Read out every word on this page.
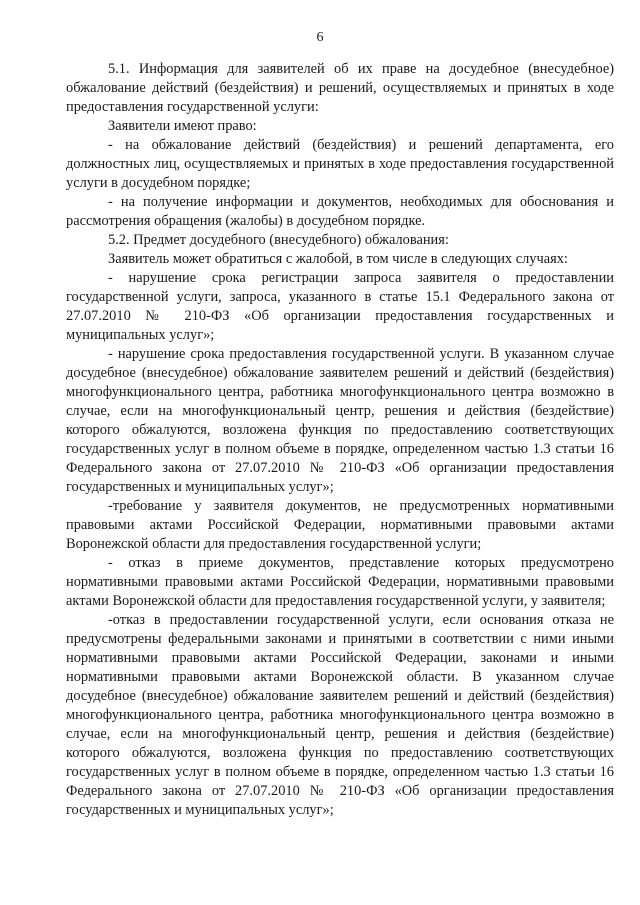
6

5.1. Информация для заявителей об их праве на досудебное (внесудебное) обжалование действий (бездействия) и решений, осуществляемых и принятых в ходе предоставления государственной услуги:

Заявители имеют право:

- на обжалование действий (бездействия) и решений департамента, его должностных лиц, осуществляемых и принятых в ходе предоставления государственной услуги в досудебном порядке;

- на получение информации и документов, необходимых для обоснования и рассмотрения обращения (жалобы) в досудебном порядке.

5.2. Предмет досудебного (внесудебного) обжалования:

Заявитель может обратиться с жалобой, в том числе в следующих случаях:

- нарушение срока регистрации запроса заявителя о предоставлении государственной услуги, запроса, указанного в статье 15.1 Федерального закона от 27.07.2010 № 210-ФЗ «Об организации предоставления государственных и муниципальных услуг»;

- нарушение срока предоставления государственной услуги. В указанном случае досудебное (внесудебное) обжалование заявителем решений и действий (бездействия) многофункционального центра, работника многофункционального центра возможно в случае, если на многофункциональный центр, решения и действия (бездействие) которого обжалуются, возложена функция по предоставлению соответствующих государственных услуг в полном объеме в порядке, определенном частью 1.3 статьи 16 Федерального закона от 27.07.2010 № 210-ФЗ «Об организации предоставления государственных и муниципальных услуг»;

-требование у заявителя документов, не предусмотренных нормативными правовыми актами Российской Федерации, нормативными правовыми актами Воронежской области для предоставления государственной услуги;

- отказ в приеме документов, представление которых предусмотрено нормативными правовыми актами Российской Федерации, нормативными правовыми актами Воронежской области для предоставления государственной услуги, у заявителя;

-отказ в предоставлении государственной услуги, если основания отказа не предусмотрены федеральными законами и принятыми в соответствии с ними иными нормативными правовыми актами Российской Федерации, законами и иными нормативными правовыми актами Воронежской области. В указанном случае досудебное (внесудебное) обжалование заявителем решений и действий (бездействия) многофункционального центра, работника многофункционального центра возможно в случае, если на многофункциональный центр, решения и действия (бездействие) которого обжалуются, возложена функция по предоставлению соответствующих государственных услуг в полном объеме в порядке, определенном частью 1.3 статьи 16 Федерального закона от 27.07.2010 № 210-ФЗ «Об организации предоставления государственных и муниципальных услуг»;
